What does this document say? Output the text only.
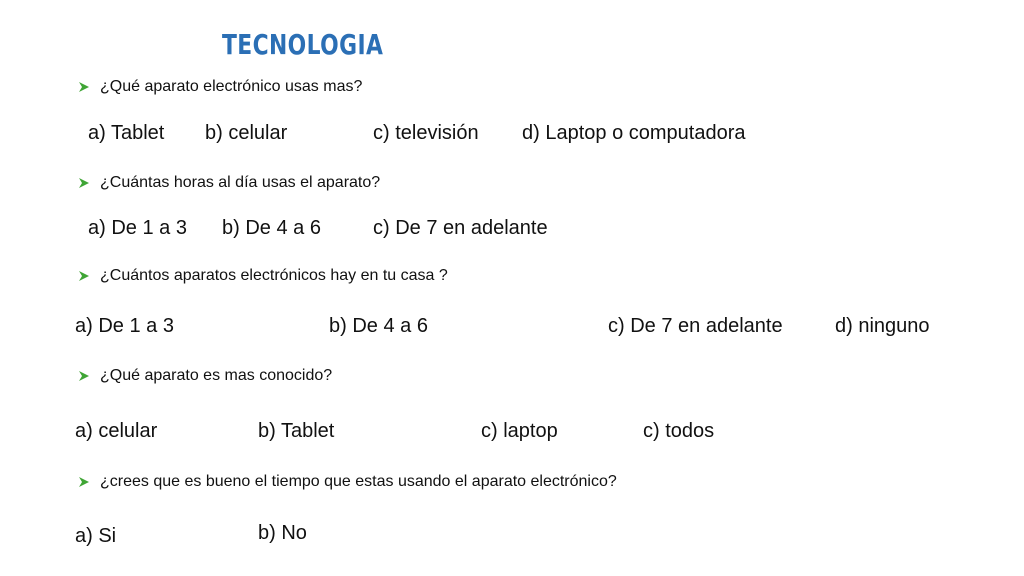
TECNOLOGIA
¿Qué aparato electrónico usas mas?
a) Tablet b) celular	c) televisión d) Laptop o computadora
¿Cuántas horas al día usas el aparato?
a) De 1 a 3 b) De 4 a 6	c) De 7 en adelante
¿Cuántos aparatos electrónicos hay en tu casa ?
a) De 1 a 3	b) De 4 a 6	c) De 7 en adelante	d) ninguno
¿Qué aparato es mas conocido?
a) celular	b) Tablet	c) laptop	c) todos
¿crees que es bueno el tiempo que estas usando el aparato electrónico?
a) Si	b) No
